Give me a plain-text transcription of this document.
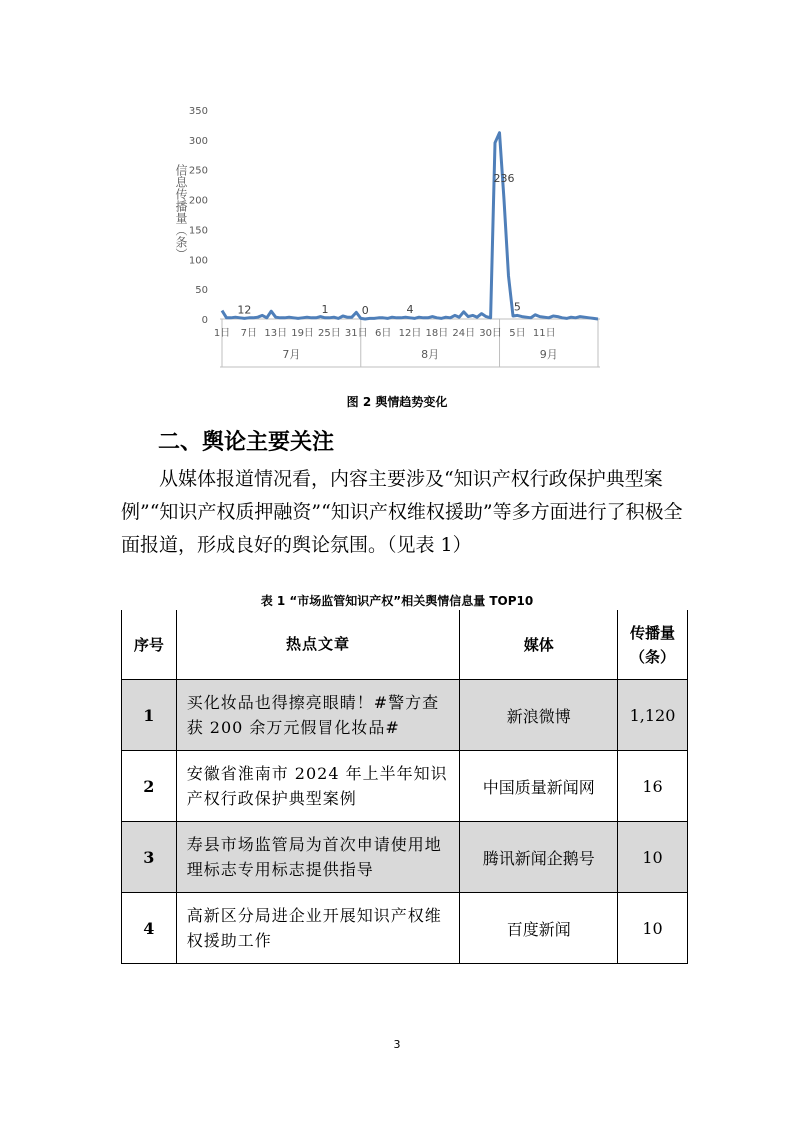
信息传播量（条）
0
50
100
150
200
250
300
350
1日 7日 13日 19日 25日 31日 6日 12日 18日 24日 30日 5日 11日
7月	8月	9月
12	1	0	4
236
5
图 2 舆情趋势变化
二、舆论主要关注
从媒体报道情况看，内容主要涉及“知识产权行政保护典型案例”“知识产权质押融资”“知识产权维权援助”等多方面进行了积极全面报道，形成良好的舆论氛围。（见表 1）
表 1 “市场监管知识产权”相关舆情信息量 TOP10
序号	热点文章	媒体	传播量（条）
1	买化妆品也得擦亮眼睛！#警方查获 200 余万元假冒化妆品#	新浪微博	1,120
2	安徽省淮南市 2024 年上半年知识产权行政保护典型案例	中国质量新闻网	16
3	寿县市场监管局为首次申请使用地理标志专用标志提供指导	腾讯新闻企鹅号	10
4	高新区分局进企业开展知识产权维权援助工作	百度新闻	10
3
